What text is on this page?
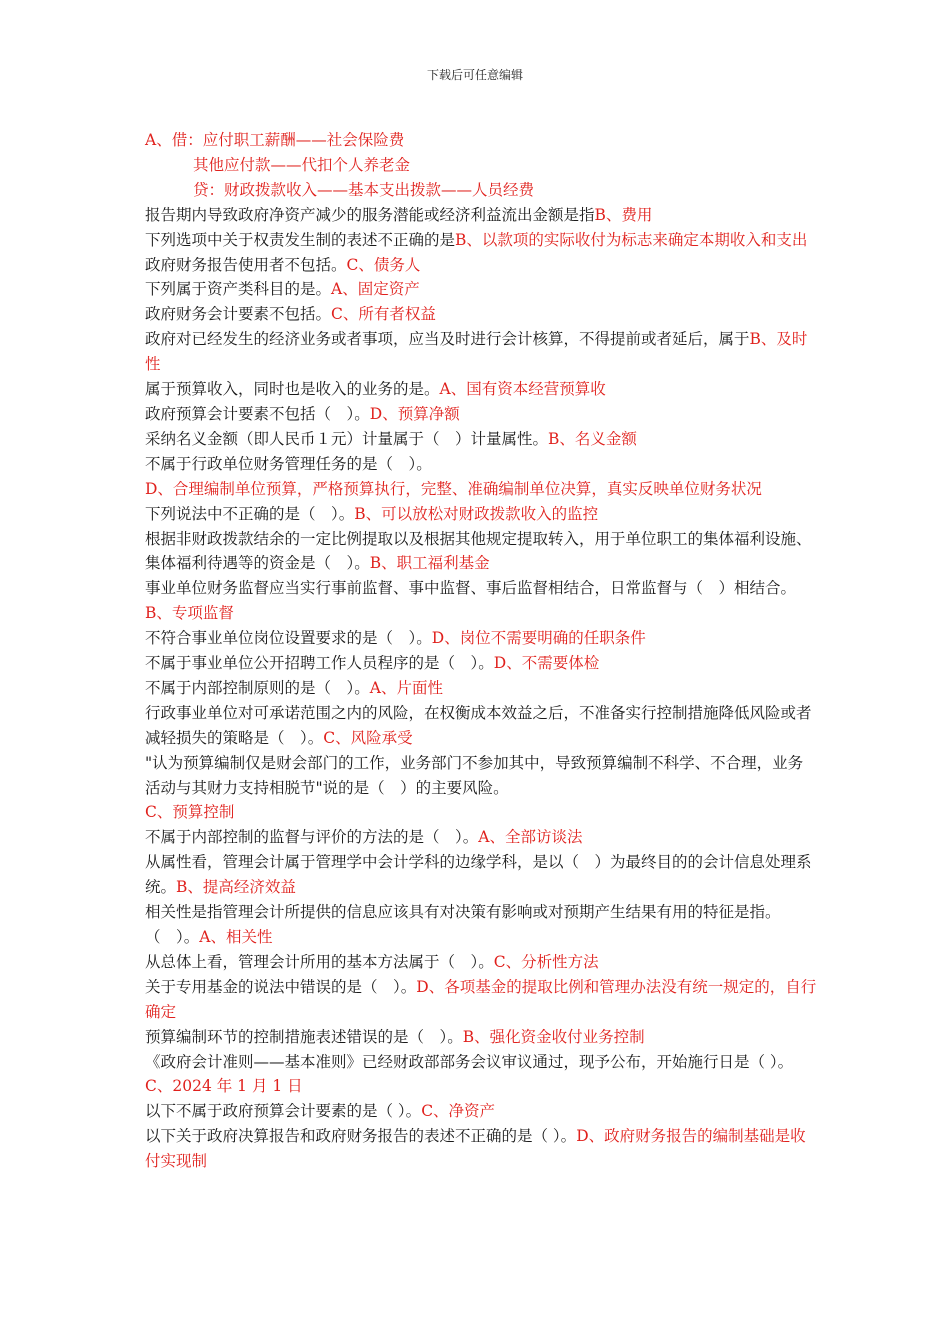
下载后可任意编辑

A、借：应付职工薪酬——社会保险费

其他应付款——代扣个人养老金

贷：财政拨款收入——基本支出拨款——人员经费

报告期内导致政府净资产减少的服务潜能或经济利益流出金额是指B、费用

下列选项中关于权责发生制的表述不正确的是B、以款项的实际收付为标志来确定本期收入和支出

政府财务报告使用者不包括。C、债务人

下列属于资产类科目的是。A、固定资产

政府财务会计要素不包括。C、所有者权益

政府对已经发生的经济业务或者事项，应当及时进行会计核算，不得提前或者延后，属于B、及时性

属于预算收入，同时也是收入的业务的是。A、国有资本经营预算收

政府预算会计要素不包括（　）。D、预算净额

采纳名义金额（即人民币１元）计量属于（　）计量属性。B、名义金额

不属于行政单位财务管理任务的是（　）。

D、合理编制单位预算，严格预算执行，完整、准确编制单位决算，真实反映单位财务状况

下列说法中不正确的是（　）。B、可以放松对财政拨款收入的监控

根据非财政拨款结余的一定比例提取以及根据其他规定提取转入，用于单位职工的集体福利设施、集体福利待遇等的资金是（　）。B、职工福利基金

事业单位财务监督应当实行事前监督、事中监督、事后监督相结合，日常监督与（　）相结合。B、专项监督

不符合事业单位岗位设置要求的是（　）。D、岗位不需要明确的任职条件

不属于事业单位公开招聘工作人员程序的是（　）。D、不需要体检

不属于内部控制原则的是（　）。A、片面性

行政事业单位对可承诺范围之内的风险，在权衡成本效益之后，不准备实行控制措施降低风险或者减轻损失的策略是（　）。C、风险承受

"认为预算编制仅是财会部门的工作，业务部门不参加其中，导致预算编制不科学、不合理，业务活动与其财力支持相脱节"说的是（　）的主要风险。

C、预算控制

不属于内部控制的监督与评价的方法的是（　）。A、全部访谈法

从属性看，管理会计属于管理学中会计学科的边缘学科，是以（　）为最终目的的会计信息处理系统。B、提高经济效益

相关性是指管理会计所提供的信息应该具有对决策有影响或对预期产生结果有用的特征是指。（　）。A、相关性

从总体上看，管理会计所用的基本方法属于（　）。C、分析性方法

关于专用基金的说法中错误的是（　）。D、各项基金的提取比例和管理办法没有统一规定的，自行确定

预算编制环节的控制措施表述错误的是（　）。B、强化资金收付业务控制

《政府会计准则——基本准则》已经财政部部务会议审议通过，现予公布，开始施行日是（ ）。C、2024 年 1 月 1 日

以下不属于政府预算会计要素的是（ ）。C、净资产

以下关于政府决算报告和政府财务报告的表述不正确的是（ ）。D、政府财务报告的编制基础是收付实现制
